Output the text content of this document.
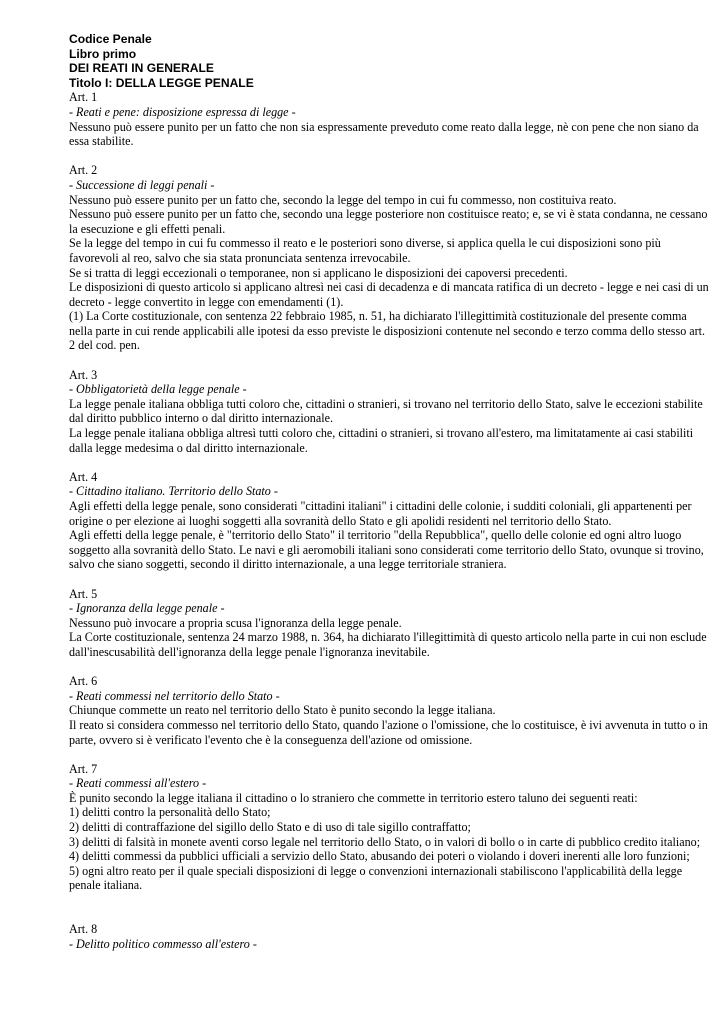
Codice Penale
Libro primo
DEI REATI IN GENERALE
Titolo I: DELLA LEGGE PENALE
Art. 1
- Reati e pene: disposizione espressa di legge -

Nessuno può essere punito per un fatto che non sia espressamente preveduto come reato dalla legge, nè con pene che non siano da essa stabilite.

Art. 2
- Successione di leggi penali -

Nessuno può essere punito per un fatto che, secondo la legge del tempo in cui fu commesso, non costituiva reato.

Nessuno può essere punito per un fatto che, secondo una legge posteriore non costituisce reato; e, se vi è stata condanna, ne cessano la esecuzione e gli effetti penali.

Se la legge del tempo in cui fu commesso il reato e le posteriori sono diverse, si applica quella le cui disposizioni sono più favorevoli al reo, salvo che sia stata pronunciata sentenza irrevocabile.

Se si tratta di leggi eccezionali o temporanee, non si applicano le disposizioni dei capoversi precedenti.

Le disposizioni di questo articolo si applicano altresì nei casi di decadenza e di mancata ratifica di un decreto - legge e nei casi di un decreto - legge convertito in legge con emendamenti (1).

(1) La Corte costituzionale, con sentenza 22 febbraio 1985, n. 51, ha dichiarato l'illegittimità costituzionale del presente comma nella parte in cui rende applicabili alle ipotesi da esso previste le disposizioni contenute nel secondo e terzo comma dello stesso art. 2 del cod. pen.

Art. 3
- Obbligatorietà della legge penale -

La legge penale italiana obbliga tutti coloro che, cittadini o stranieri, si trovano nel territorio dello Stato, salve le eccezioni stabilite dal diritto pubblico interno o dal diritto internazionale.

La legge penale italiana obbliga altresì tutti coloro che, cittadini o stranieri, si trovano all'estero, ma limitatamente ai casi stabiliti dalla legge medesima o dal diritto internazionale.

Art. 4
- Cittadino italiano. Territorio dello Stato -

Agli effetti della legge penale, sono considerati "cittadini italiani" i cittadini delle colonie, i sudditi coloniali, gli appartenenti per origine o per elezione ai luoghi soggetti alla sovranità dello Stato e gli apolidi residenti nel territorio dello Stato.

Agli effetti della legge penale, è "territorio dello Stato" il territorio "della Repubblica", quello delle colonie ed ogni altro luogo soggetto alla sovranità dello Stato. Le navi e gli aeromobili italiani sono considerati come territorio dello Stato, ovunque si trovino, salvo che siano soggetti, secondo il diritto internazionale, a una legge territoriale straniera.

Art. 5
- Ignoranza della legge penale -

Nessuno può invocare a propria scusa l'ignoranza della legge penale.

La Corte costituzionale, sentenza 24 marzo 1988, n. 364, ha dichiarato l'illegittimità di questo articolo nella parte in cui non esclude dall'inescusabilità dell'ignoranza della legge penale l'ignoranza inevitabile.

Art. 6
- Reati commessi nel territorio dello Stato -

Chiunque commette un reato nel territorio dello Stato è punito secondo la legge italiana.

Il reato si considera commesso nel territorio dello Stato, quando l'azione o l'omissione, che lo costituisce, è ivi avvenuta in tutto o in parte, ovvero si è verificato l'evento che è la conseguenza dell'azione od omissione.

Art. 7
- Reati commessi all'estero -

È punito secondo la legge italiana il cittadino o lo straniero che commette in territorio estero taluno dei seguenti reati:

1) delitti contro la personalità dello Stato;

2) delitti di contraffazione del sigillo dello Stato e di uso di tale sigillo contraffatto;

3) delitti di falsità in monete aventi corso legale nel territorio dello Stato, o in valori di bollo o in carte di pubblico credito italiano;

4) delitti commessi da pubblici ufficiali a servizio dello Stato, abusando dei poteri o violando i doveri inerenti alle loro funzioni;

5) ogni altro reato per il quale speciali disposizioni di legge o convenzioni internazionali stabiliscono l'applicabilità della legge penale italiana.

Art. 8
- Delitto politico commesso all'estero -
